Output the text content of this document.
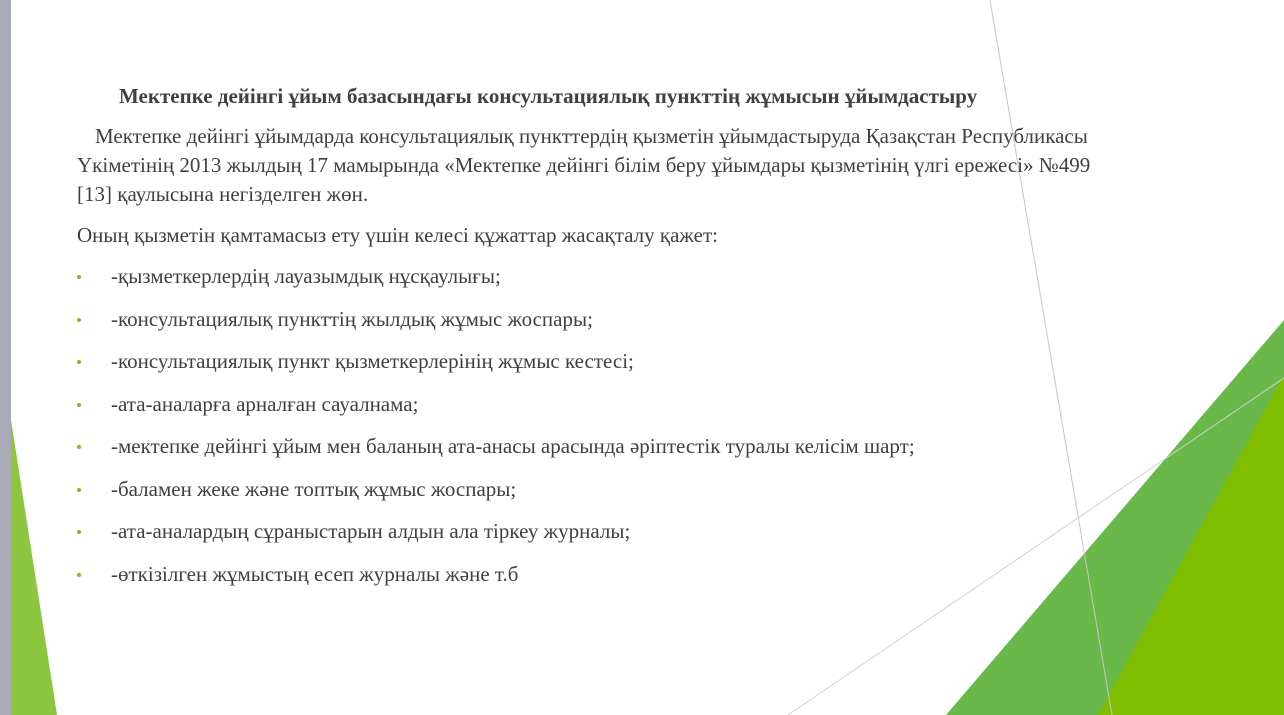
Мектепке дейінгі ұйым базасындағы консультациялық пункттің жұмысын ұйымдастыру

Мектепке дейінгі ұйымдарда консультациялық пункттердің қызметін ұйымдастыруда Қазақстан Республикасы Үкіметінің 2013 жылдың 17 мамырында «Мектепке дейінгі білім беру ұйымдары қызметінің үлгі ережесі» №499 [13] қаулысына негізделген жөн.

Оның қызметін қамтамасыз ету үшін келесі құжаттар жасақталу қажет:

-қызметкерлердің лауазымдық нұсқаулығы;
-консультациялық пункттің жылдық жұмыс жоспары;
-консультациялық пункт қызметкерлерінің жұмыс кестесі;
-ата-аналарға арналған сауалнама;
-мектепке дейінгі ұйым мен баланың ата-анасы арасында әріптестік туралы келісім шарт;
-баламен жеке және топтық жұмыс жоспары;
-ата-аналардың сұраныстарын алдын ала тіркеу журналы;
-өткізілген жұмыстың есеп журналы және т.б
